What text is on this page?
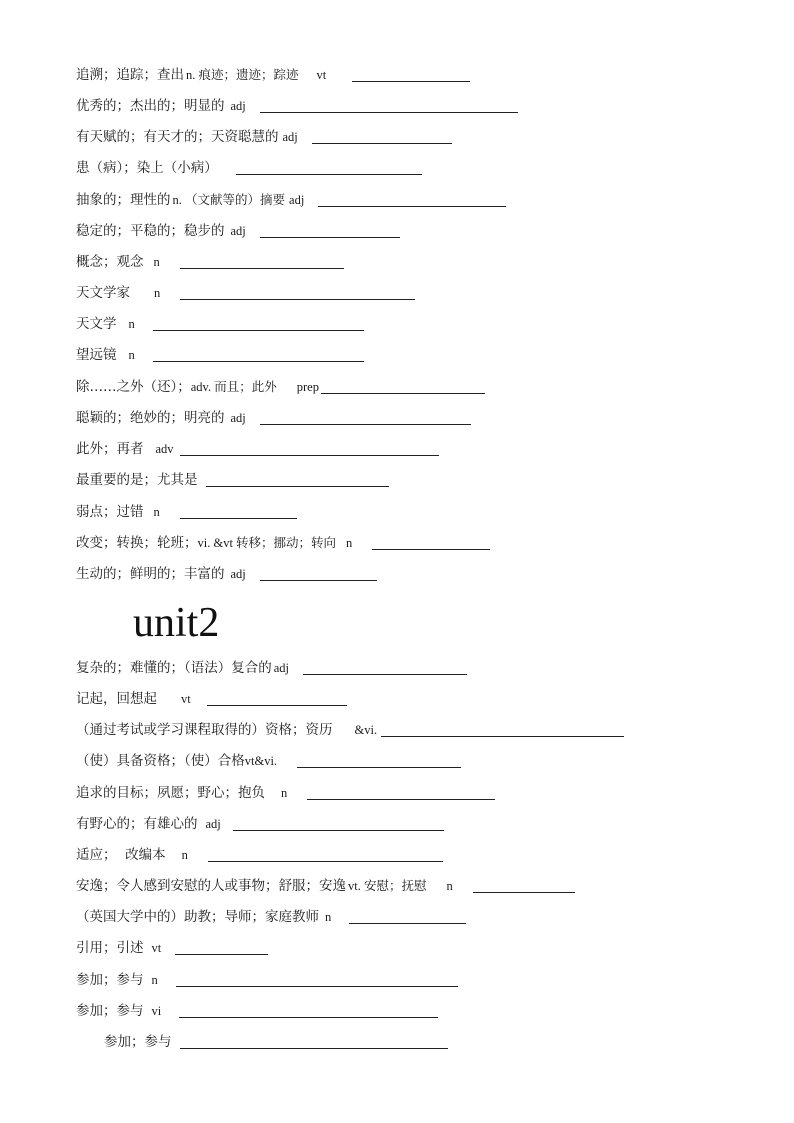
追溯；追踪；查出 n. 痕迹；遗迹；踪迹 vt
优秀的；杰出的；明显的 adj
有天赋的；有天才的；天资聪慧的 adj
患（病）；染上（小病）
抽象的；理性的 n. （文献等的）摘要 adj
稳定的；平稳的；稳步的 adj
概念；观念 n
天文学家 n
天文学 n
望远镜 n
除……之外（还）； adv. 而且；此外 prep
聪颖的；绝妙的；明亮的 adj
此外；再者 adv
最重要的是；尤其是
弱点；过错 n
改变；转换；轮班； vi. &vt 转移；挪动；转向 n
生动的；鲜明的；丰富的 adj
unit2
复杂的；难懂的；（语法）复合的 adj
记起，回想起 vt
（通过考试或学习课程取得的）资格；资历 &vi.
（使）具备资格；（使）合格 vt&vi.
追求的目标；夙愿；野心；抱负 n
有野心的；有雄心的 adj
适应；  改编本 n
安逸；令人感到安慰的人或事物；舒服；安逸 vt. 安慰；抚慰 n
（英国大学中的）助教；导师；家庭教师 n
引用；引述 vt
参加；参与 n
参加；参与 vi
参加；参与
